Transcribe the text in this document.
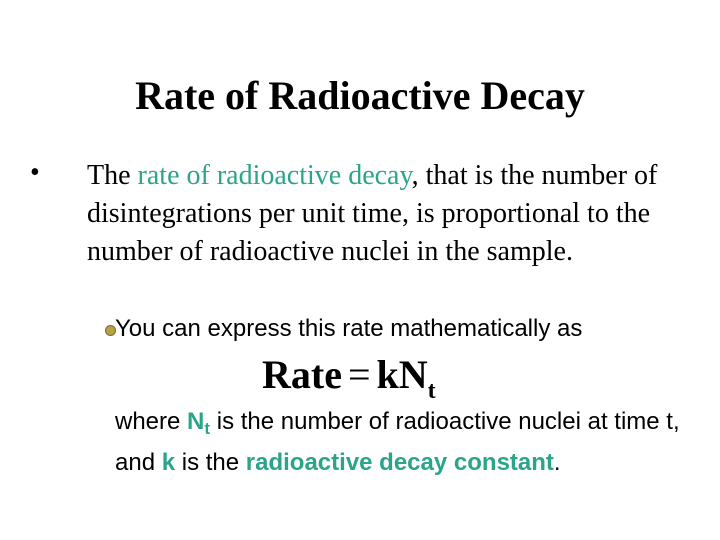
Rate of Radioactive Decay
• The rate of radioactive decay, that is the number of disintegrations per unit time, is proportional to the number of radioactive nuclei in the sample.
You can express this rate mathematically as
Rate = $kN_t$
where $N_t$ is the number of radioactive nuclei at time t, and k is the radioactive decay constant.
